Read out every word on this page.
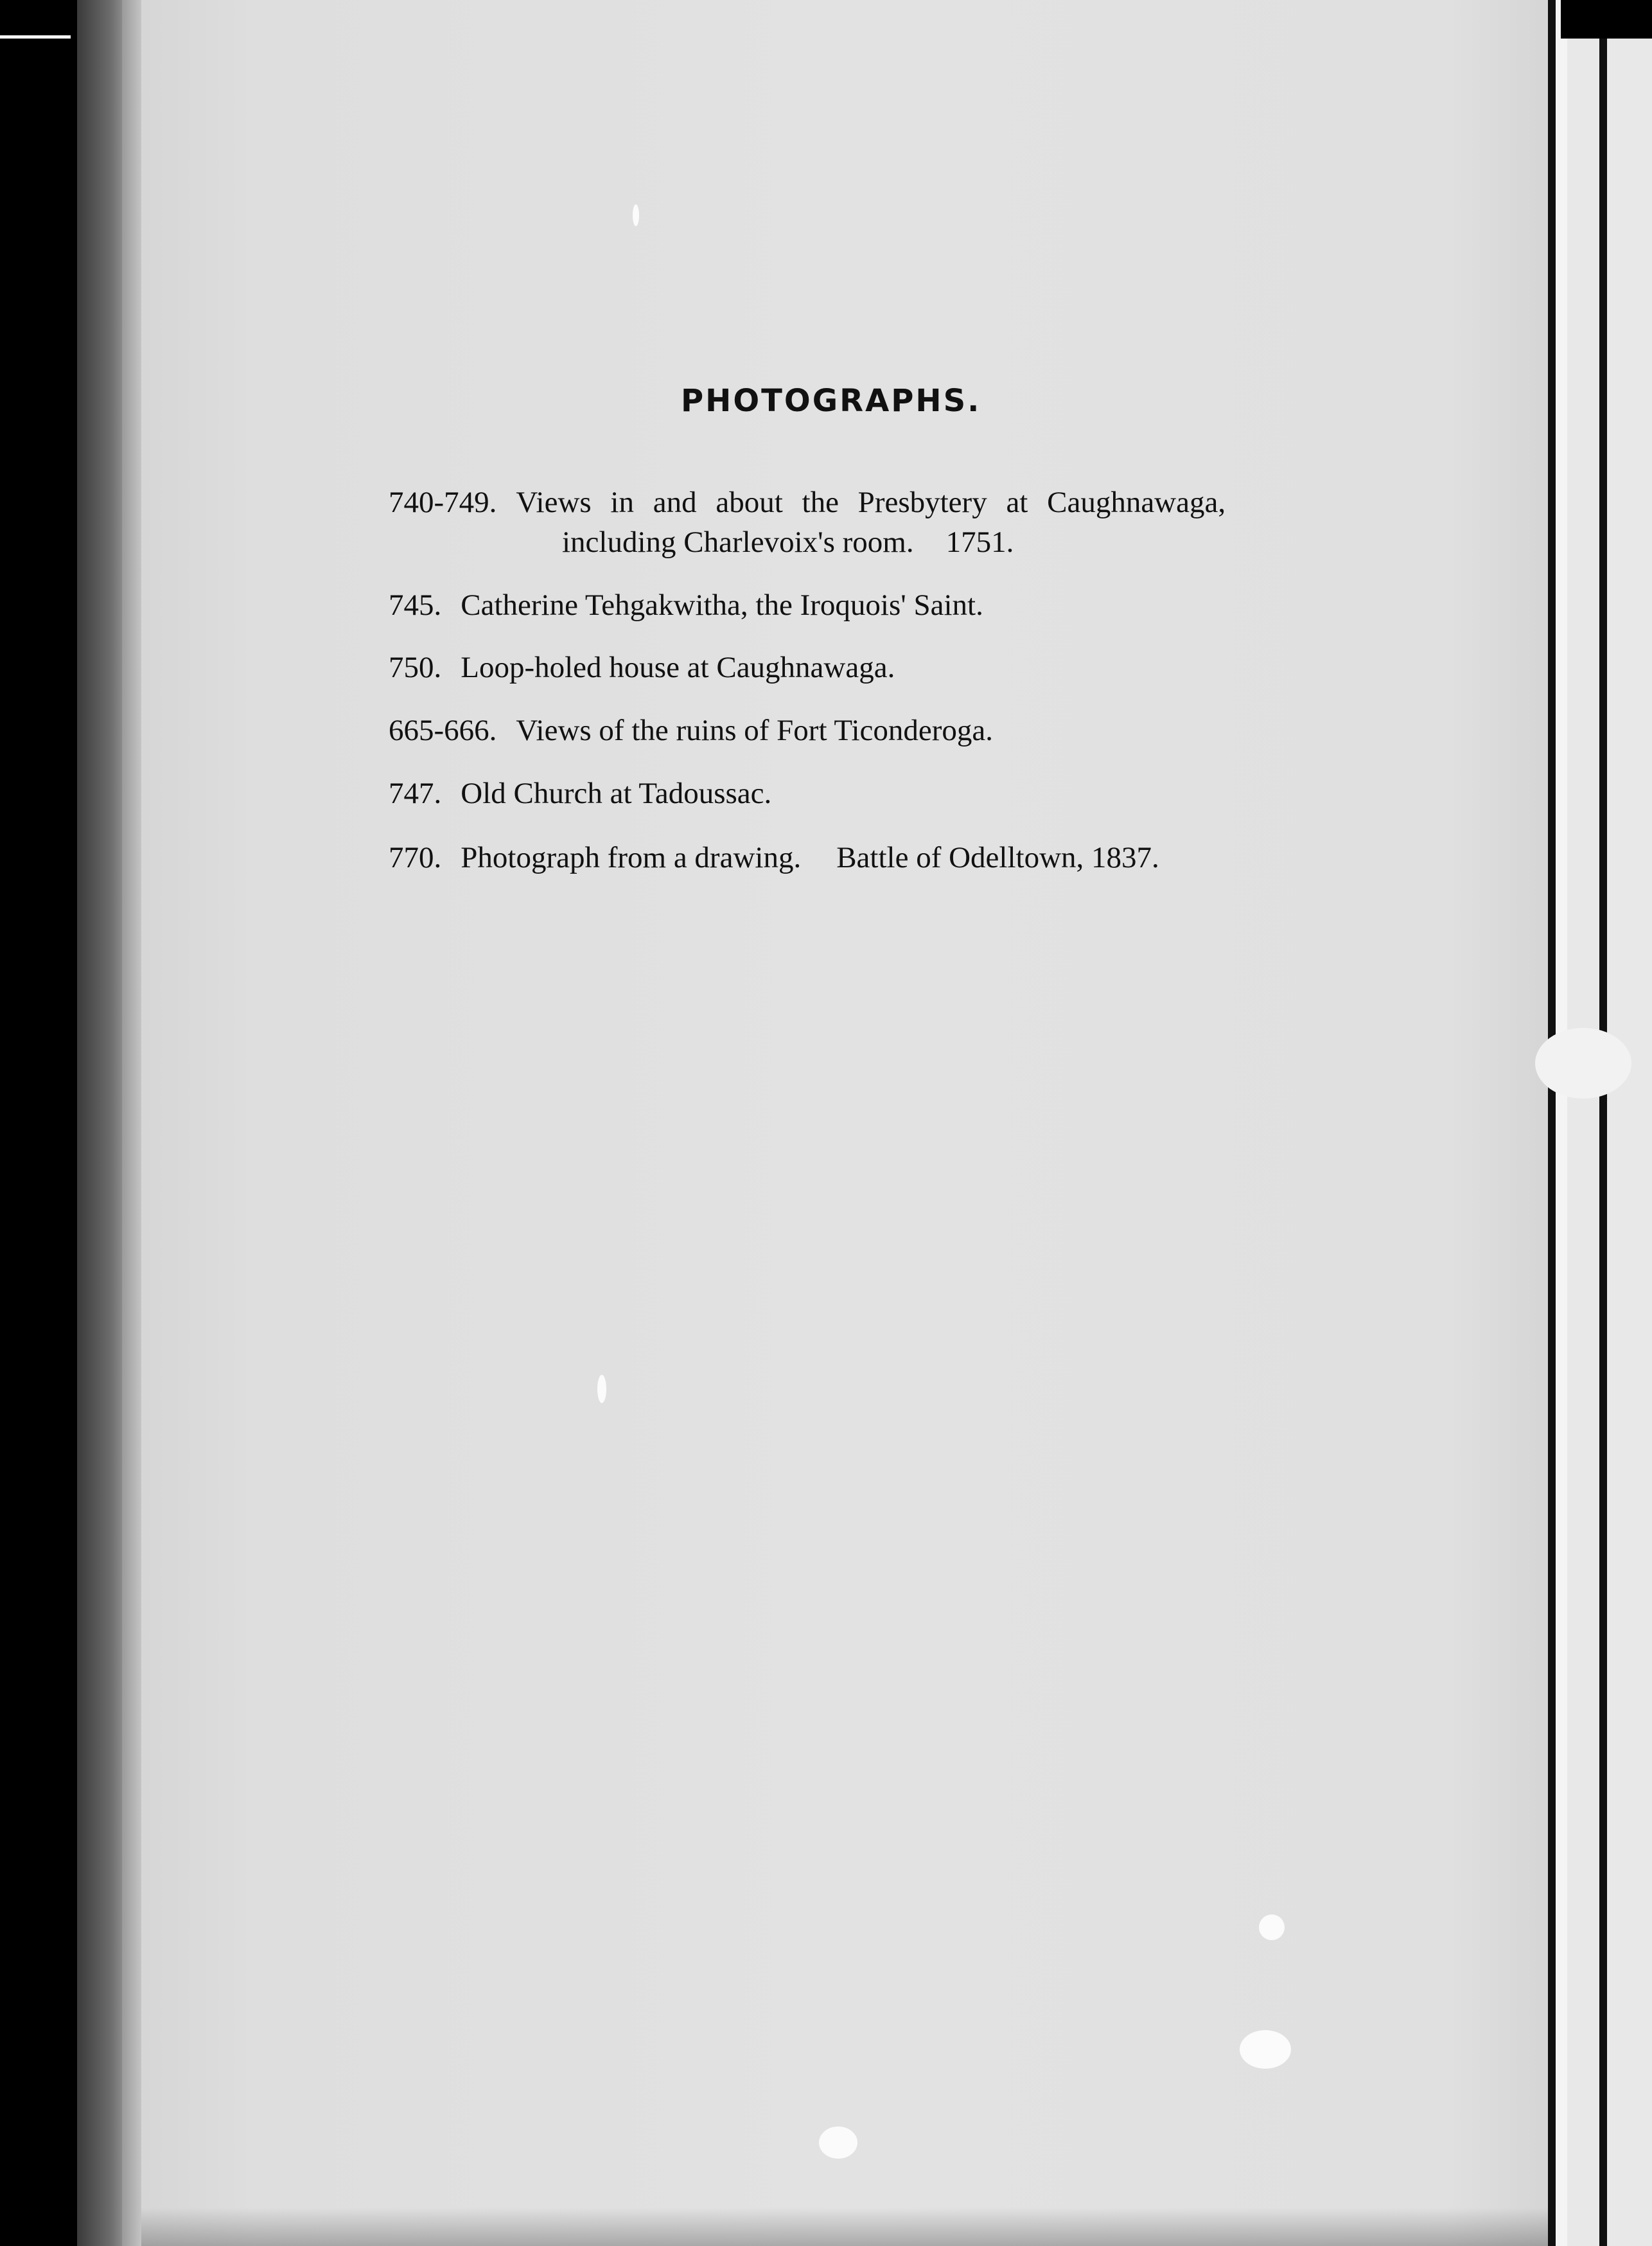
PHOTOGRAPHS.
740-749. Views in and about the Presbytery at Caughnawaga,
including Charlevoix's room. 1751.
745. Catherine Tehgakwitha, the Iroquois' Saint.
750. Loop-holed house at Caughnawaga.
665-666. Views of the ruins of Fort Ticonderoga.
747. Old Church at Tadoussac.
770. Photograph from a drawing. Battle of Odelltown, 1837.
